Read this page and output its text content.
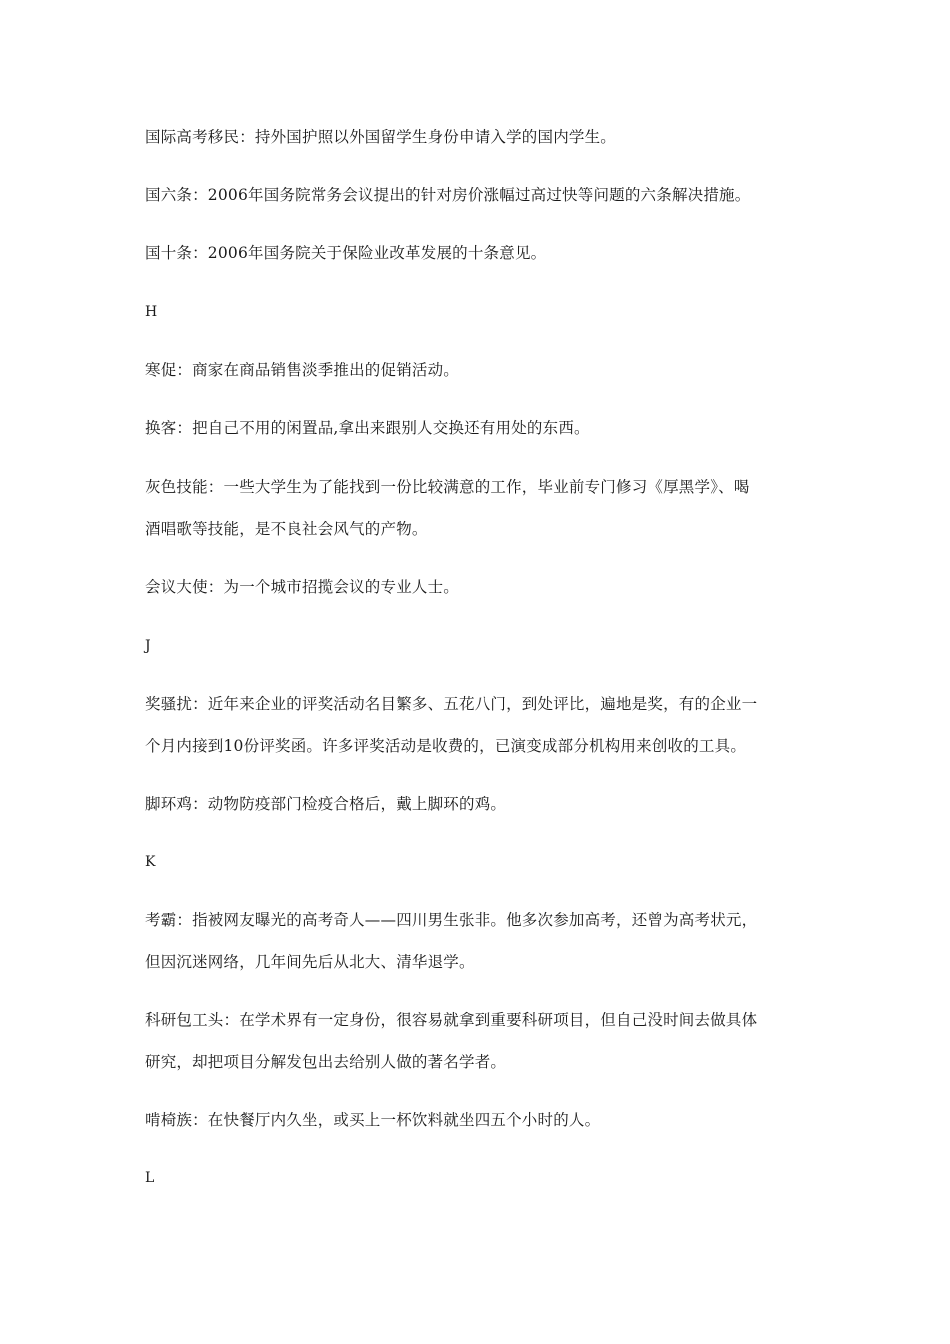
国际高考移民：持外国护照以外国留学生身份申请入学的国内学生。
国六条：2006年国务院常务会议提出的针对房价涨幅过高过快等问题的六条解决措施。
国十条：2006年国务院关于保险业改革发展的十条意见。
H
寒促：商家在商品销售淡季推出的促销活动。
换客：把自己不用的闲置品,拿出来跟别人交换还有用处的东西。
灰色技能：一些大学生为了能找到一份比较满意的工作，毕业前专门修习《厚黑学》、喝
酒唱歌等技能，是不良社会风气的产物。
会议大使：为一个城市招揽会议的专业人士。
J
奖骚扰：近年来企业的评奖活动名目繁多、五花八门，到处评比，遍地是奖，有的企业一
个月内接到10份评奖函。许多评奖活动是收费的，已演变成部分机构用来创收的工具。
脚环鸡：动物防疫部门检疫合格后，戴上脚环的鸡。
K
考霸：指被网友曝光的高考奇人——四川男生张非。他多次参加高考，还曾为高考状元，
但因沉迷网络，几年间先后从北大、清华退学。
科研包工头：在学术界有一定身份，很容易就拿到重要科研项目，但自己没时间去做具体
研究，却把项目分解发包出去给别人做的著名学者。
啃椅族：在快餐厅内久坐，或买上一杯饮料就坐四五个小时的人。
L
